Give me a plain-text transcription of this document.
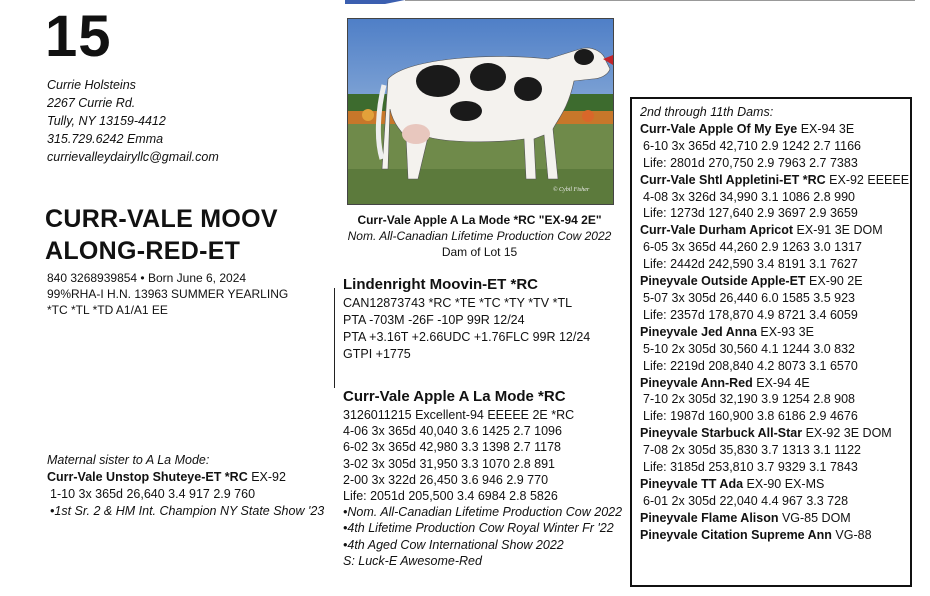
15
Currie Holsteins
2267 Currie Rd.
Tully, NY 13159-4412
315.729.6242 Emma
currievalleydairyllc@gmail.com
CURR-VALE MOOV
ALONG-RED-ET
840 3268939854 • Born June 6, 2024
99%RHA-I H.N. 13963 SUMMER YEARLING
*TC *TL *TD A1/A1 EE
© Cybil Fisher
Curr-Vale Apple A La Mode *RC "EX-94 2E"
Nom. All-Canadian Lifetime Production Cow 2022
Dam of Lot 15
Lindenright Moovin-ET *RC
CAN12873743 *RC *TE *TC *TY *TV *TL
PTA -703M -26F -10P 99R 12/24
PTA +3.16T +2.66UDC +1.76FLC 99R 12/24
GTPI +1775
Curr-Vale Apple A La Mode *RC
3126011215 Excellent-94 EEEEE 2E *RC
4-06 3x 365d 40,040 3.6 1425 2.7 1096
6-02 3x 365d 42,980 3.3 1398 2.7 1178
3-02 3x 305d 31,950 3.3 1070 2.8 891
2-00 3x 322d 26,450 3.6 946 2.9 770
Life: 2051d 205,500 3.4 6984 2.8 5826
•Nom. All-Canadian Lifetime Production Cow 2022
•4th Lifetime Production Cow Royal Winter Fr '22
•4th Aged Cow International Show 2022
S: Luck-E Awesome-Red
Maternal sister to A La Mode:
Curr-Vale Unstop Shuteye-ET *RC EX-92
1-10 3x 365d 26,640 3.4 917 2.9 760
•1st Sr. 2 & HM Int. Champion NY State Show '23
2nd through 11th Dams:
Curr-Vale Apple Of My Eye EX-94 3E
6-10 3x 365d 42,710 2.9 1242 2.7 1166
Life: 2801d 270,750 2.9 7963 2.7 7383
Curr-Vale Shtl Appletini-ET *RC EX-92 EEEEE
4-08 3x 326d 34,990 3.1 1086 2.8 990
Life: 1273d 127,640 2.9 3697 2.9 3659
Curr-Vale Durham Apricot EX-91 3E DOM
6-05 3x 365d 44,260 2.9 1263 3.0 1317
Life: 2442d 242,590 3.4 8191 3.1 7627
Pineyvale Outside Apple-ET EX-90 2E
5-07 3x 305d 26,440 6.0 1585 3.5 923
Life: 2357d 178,870 4.9 8721 3.4 6059
Pineyvale Jed Anna EX-93 3E
5-10 2x 305d 30,560 4.1 1244 3.0 832
Life: 2219d 208,840 4.2 8073 3.1 6570
Pineyvale Ann-Red EX-94 4E
7-10 2x 305d 32,190 3.9 1254 2.8 908
Life: 1987d 160,900 3.8 6186 2.9 4676
Pineyvale Starbuck All-Star EX-92 3E DOM
7-08 2x 305d 35,830 3.7 1313 3.1 1122
Life: 3185d 253,810 3.7 9329 3.1 7843
Pineyvale TT Ada EX-90 EX-MS
6-01 2x 305d 22,040 4.4 967 3.3 728
Pineyvale Flame Alison VG-85 DOM
Pineyvale Citation Supreme Ann VG-88
